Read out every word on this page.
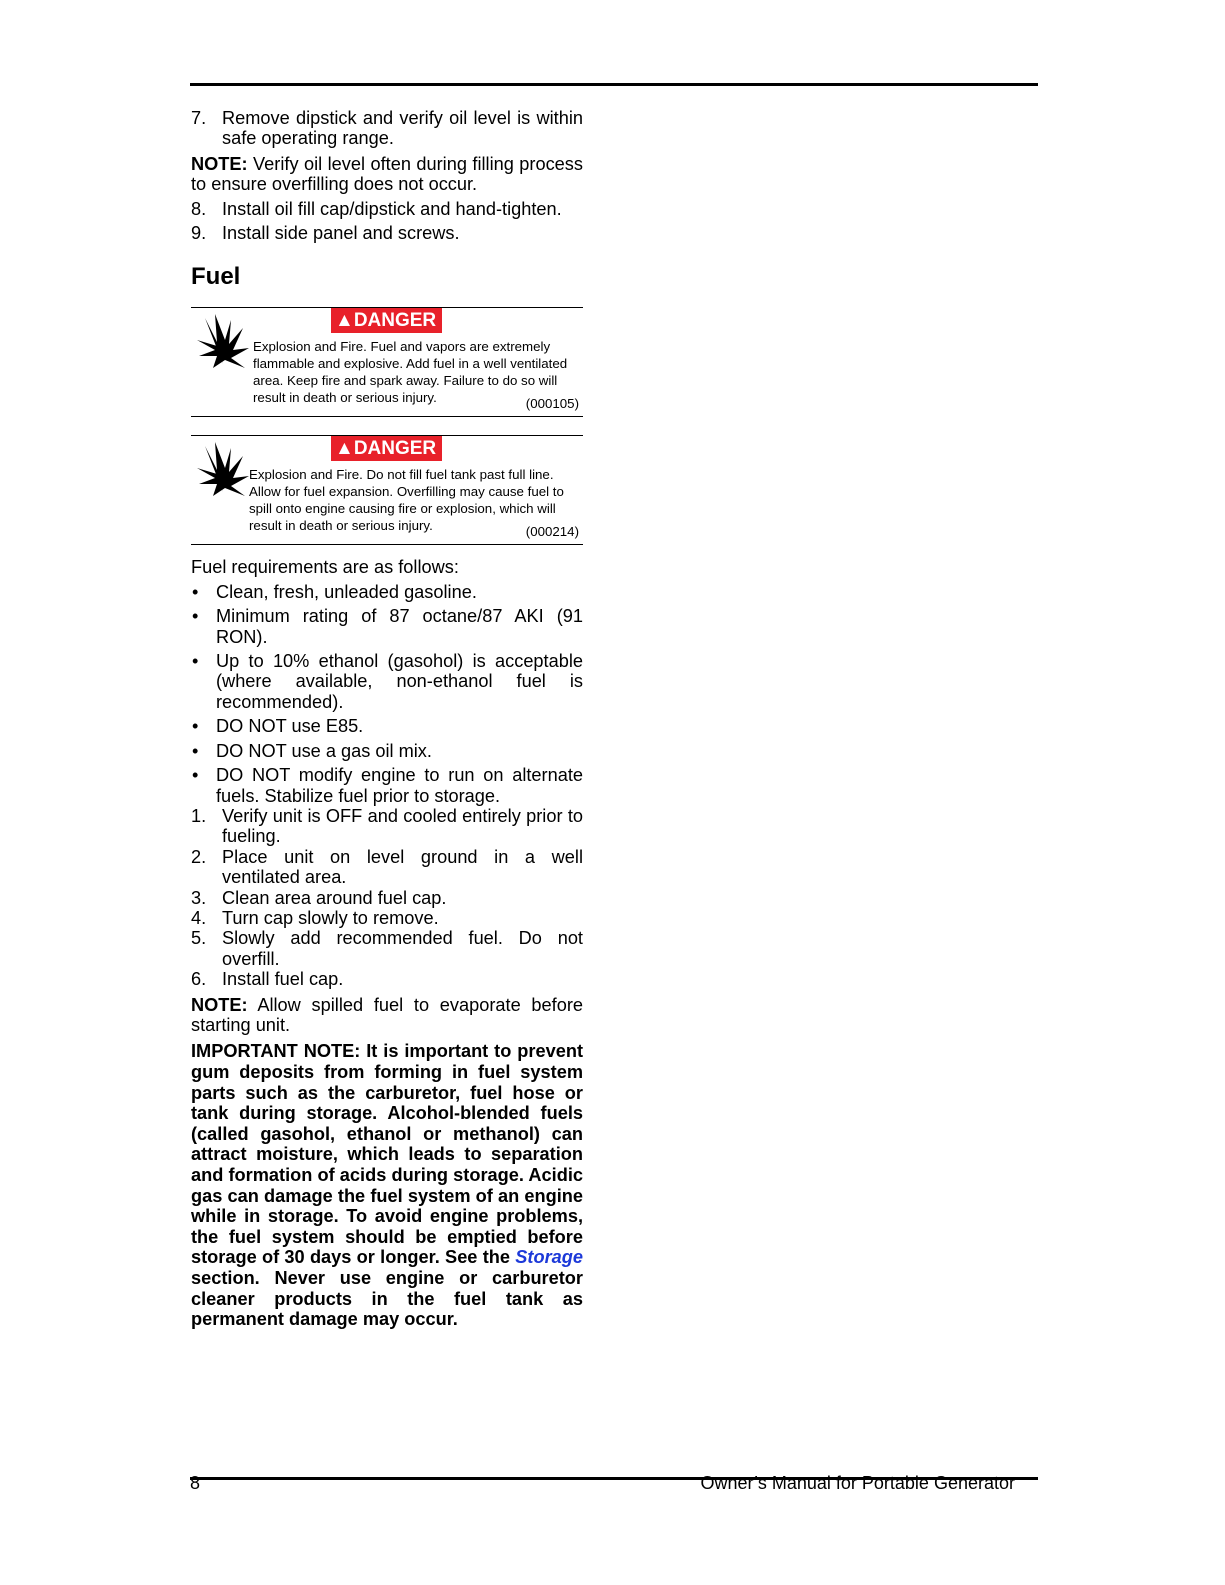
7. Remove dipstick and verify oil level is within safe operating range.

NOTE: Verify oil level often during filling process to ensure overfilling does not occur.

8. Install oil fill cap/dipstick and hand-tighten.
9. Install side panel and screws.
Fuel
▲DANGER
Explosion and Fire. Fuel and vapors are extremely flammable and explosive. Add fuel in a well ventilated area. Keep fire and spark away. Failure to do so will result in death or serious injury.	(000105)
▲DANGER
Explosion and Fire. Do not fill fuel tank past full line. Allow for fuel expansion. Overfilling may cause fuel to spill onto engine causing fire or explosion, which will result in death or serious injury.	(000214)

Fuel requirements are as follows:

• Clean, fresh, unleaded gasoline.
• Minimum rating of 87 octane/87 AKI (91 RON).
• Up to 10% ethanol (gasohol) is acceptable (where available, non-ethanol fuel is recommended).
• DO NOT use E85.
• DO NOT use a gas oil mix.
• DO NOT modify engine to run on alternate fuels. Stabilize fuel prior to storage.
1. Verify unit is OFF and cooled entirely prior to fueling.
2. Place unit on level ground in a well ventilated area.
3. Clean area around fuel cap.
4. Turn cap slowly to remove.
5. Slowly add recommended fuel. Do not overfill.
6. Install fuel cap.

NOTE: Allow spilled fuel to evaporate before starting unit.

IMPORTANT NOTE: It is important to prevent gum deposits from forming in fuel system parts such as the carburetor, fuel hose or tank during storage. Alcohol-blended fuels (called gasohol, ethanol or methanol) can attract moisture, which leads to separation and formation of acids during storage. Acidic gas can damage the fuel system of an engine while in storage. To avoid engine problems, the fuel system should be emptied before storage of 30 days or longer. See the Storage section. Never use engine or carburetor cleaner products in the fuel tank as permanent damage may occur.

8	Owner’s Manual for Portable Generator
